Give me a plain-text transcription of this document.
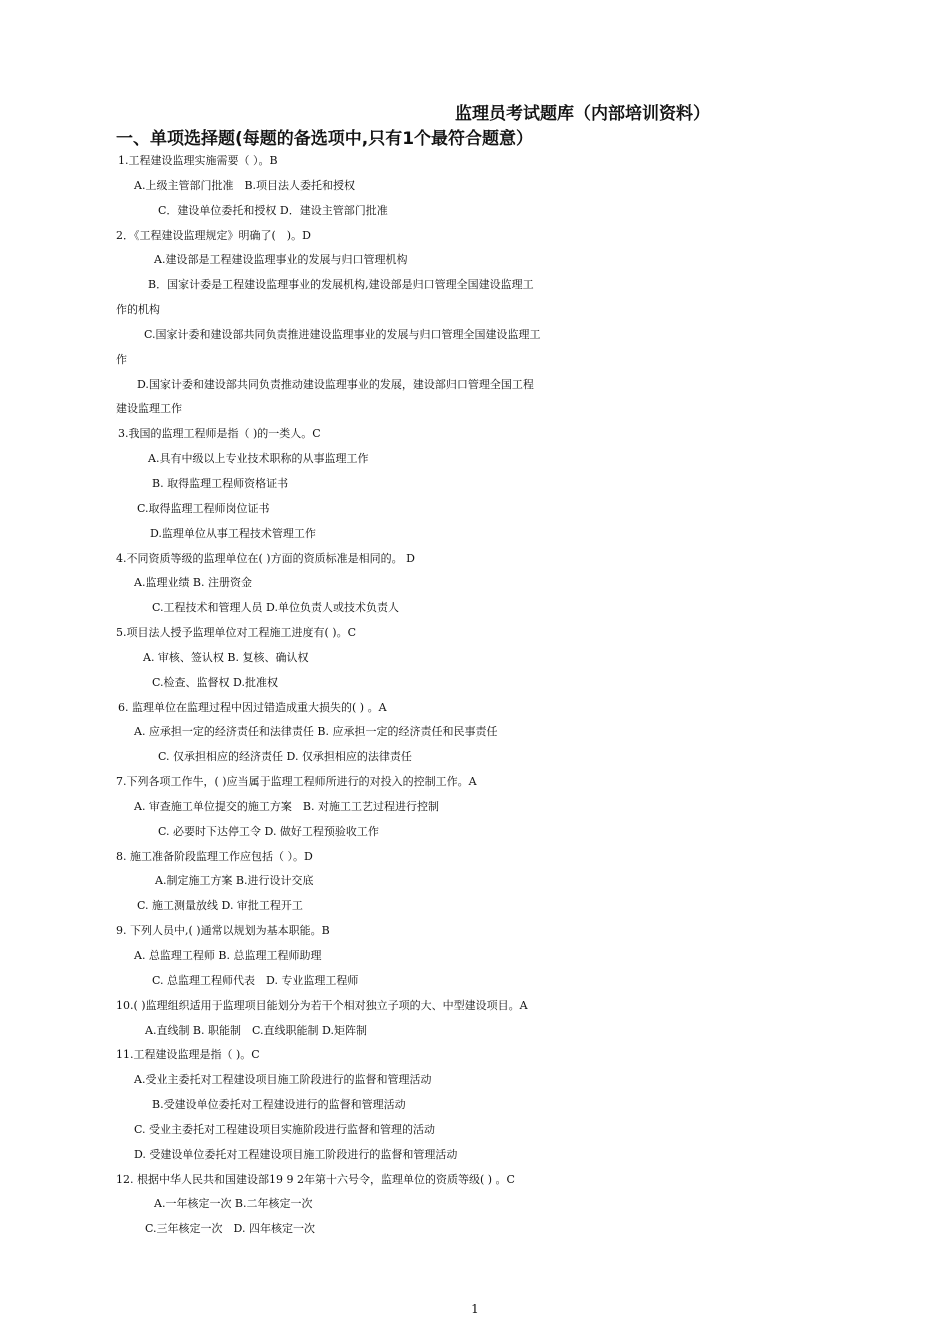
监理员考试题库（内部培训资料）
一、单项选择题(每题的备选项中,只有1个最符合题意）
1.工程建设监理实施需要（ ）。B
A.上级主管部门批准　B.项目法人委托和授权
C．建设单位委托和授权 D．建设主管部门批准
2．《工程建设监理规定》明确了(　)。D
A.建设部是工程建设监理事业的发展与归口管理机构
B．国家计委是工程建设监理事业的发展机构,建设部是归口管理全国建设监理工
作的机构
C.国家计委和建设部共同负责推进建设监理事业的发展与归口管理全国建设监理工
作
D.国家计委和建设部共同负责推动建设监理事业的发展，建设部归口管理全国工程
建设监理工作
3.我国的监理工程师是指（ )的一类人。C
A.具有中级以上专业技术职称的从事监理工作
B. 取得监理工程师资格证书
C.取得监理工程师岗位证书
D.监理单位从事工程技术管理工作
4.不同资质等级的监理单位在( )方面的资质标准是相同的。 D
A.监理业绩 B. 注册资金
C.工程技术和管理人员 D.单位负责人或技术负责人
5.项目法人授予监理单位对工程施工进度有( )。C
A. 审核、签认权 B. 复核、确认权
C.检查、监督权 D.批准权
6. 监理单位在监理过程中因过错造成重大损失的( ) 。A
A. 应承担一定的经济责任和法律责任 B. 应承担一定的经济责任和民事责任
C. 仅承担相应的经济责任 D. 仅承担相应的法律责任
7.下列各项工作牛，( )应当属于监理工程师所进行的对投入的控制工作。A
A. 审查施工单位提交的施工方案　B. 对施工工艺过程进行控制
C. 必要时下达停工令 D. 做好工程预验收工作
8. 施工准备阶段监理工作应包括（ ）。D
A.制定施工方案 B.进行设计交底
C. 施工测量放线 D. 审批工程开工
9. 下列人员中,( )通常以规划为基本职能。B
A. 总监理工程师 B. 总监理工程师助理
C. 总监理工程师代表　D. 专业监理工程师
10.( )监理组织适用于监理项目能划分为若干个相对独立子项的大、中型建设项目。A
A.直线制 B. 职能制　C.直线职能制 D.矩阵制
11.工程建设监理是指（ )。C
A.受业主委托对工程建设项目施工阶段进行的监督和管理活动
B.受建设单位委托对工程建设进行的监督和管理活动
C. 受业主委托对工程建设项目实施阶段进行监督和管理的活动
D. 受建设单位委托对工程建设项目施工阶段进行的监督和管理活动
12. 根据中华人民共和国建设部19 9 2年第十六号令，监理单位的资质等级( ) 。C
A.一年核定一次 B.二年核定一次
C.三年核定一次　D. 四年核定一次
1
